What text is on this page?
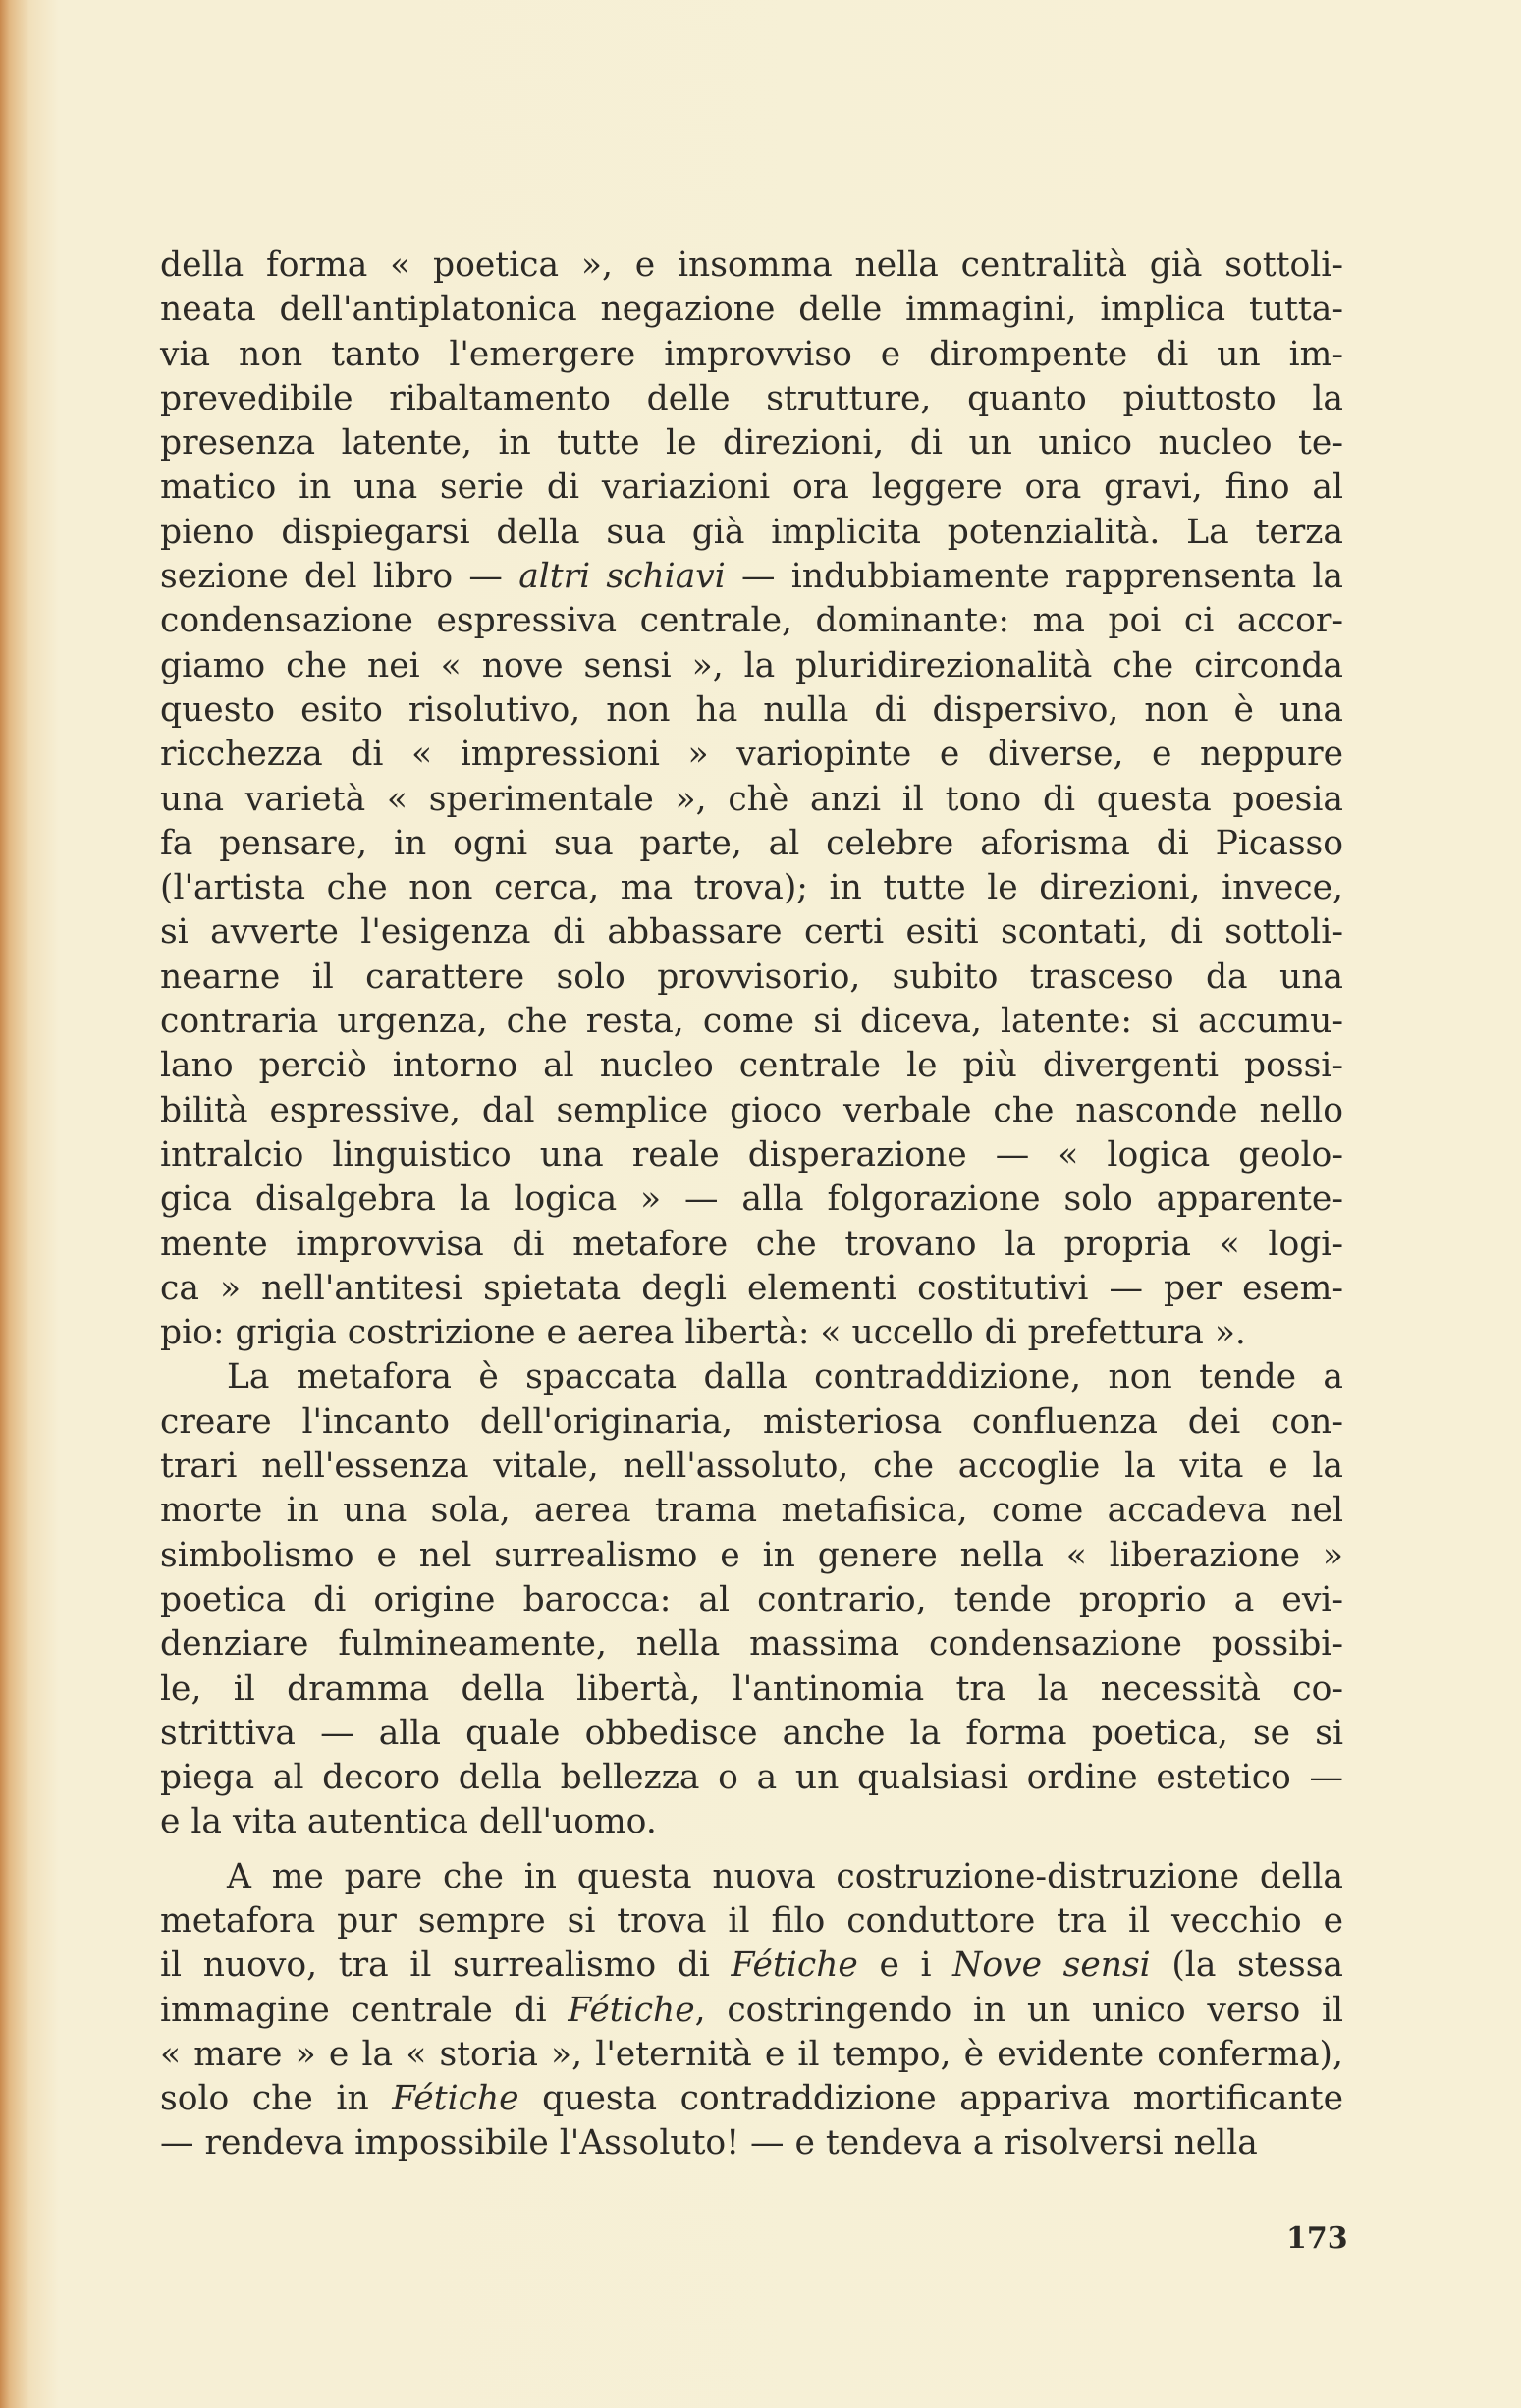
della forma « poetica », e insomma nella centralità già sottoli-
neata dell'antiplatonica negazione delle immagini, implica tutta-
via non tanto l'emergere improvviso e dirompente di un im-
prevedibile ribaltamento delle strutture, quanto piuttosto la
presenza latente, in tutte le direzioni, di un unico nucleo te-
matico in una serie di variazioni ora leggere ora gravi, fino al
pieno dispiegarsi della sua già implicita potenzialità. La terza
sezione del libro — altri schiavi — indubbiamente rapprensenta la
condensazione espressiva centrale, dominante: ma poi ci accor-
giamo che nei « nove sensi », la pluridirezionalità che circonda
questo esito risolutivo, non ha nulla di dispersivo, non è una
ricchezza di « impressioni » variopinte e diverse, e neppure
una varietà « sperimentale », chè anzi il tono di questa poesia
fa pensare, in ogni sua parte, al celebre aforisma di Picasso
(l'artista che non cerca, ma trova); in tutte le direzioni, invece,
si avverte l'esigenza di abbassare certi esiti scontati, di sottoli-
nearne il carattere solo provvisorio, subito trasceso da una
contraria urgenza, che resta, come si diceva, latente: si accumu-
lano perciò intorno al nucleo centrale le più divergenti possi-
bilità espressive, dal semplice gioco verbale che nasconde nello
intralcio linguistico una reale disperazione — « logica geolo-
gica disalgebra la logica » — alla folgorazione solo apparente-
mente improvvisa di metafore che trovano la propria « logi-
ca » nell'antitesi spietata degli elementi costitutivi — per esem-
pio: grigia costrizione e aerea libertà: « uccello di prefettura ».
La metafora è spaccata dalla contraddizione, non tende a
creare l'incanto dell'originaria, misteriosa confluenza dei con-
trari nell'essenza vitale, nell'assoluto, che accoglie la vita e la
morte in una sola, aerea trama metafisica, come accadeva nel
simbolismo e nel surrealismo e in genere nella « liberazione »
poetica di origine barocca: al contrario, tende proprio a evi-
denziare fulmineamente, nella massima condensazione possibi-
le, il dramma della libertà, l'antinomia tra la necessità co-
strittiva — alla quale obbedisce anche la forma poetica, se si
piega al decoro della bellezza o a un qualsiasi ordine estetico —
e la vita autentica dell'uomo.
A me pare che in questa nuova costruzione-distruzione della
metafora pur sempre si trova il filo conduttore tra il vecchio e
il nuovo, tra il surrealismo di Fétiche e i Nove sensi (la stessa
immagine centrale di Fétiche, costringendo in un unico verso il
« mare » e la « storia », l'eternità e il tempo, è evidente conferma),
solo che in Fétiche questa contraddizione appariva mortificante
— rendeva impossibile l'Assoluto! — e tendeva a risolversi nella
173
